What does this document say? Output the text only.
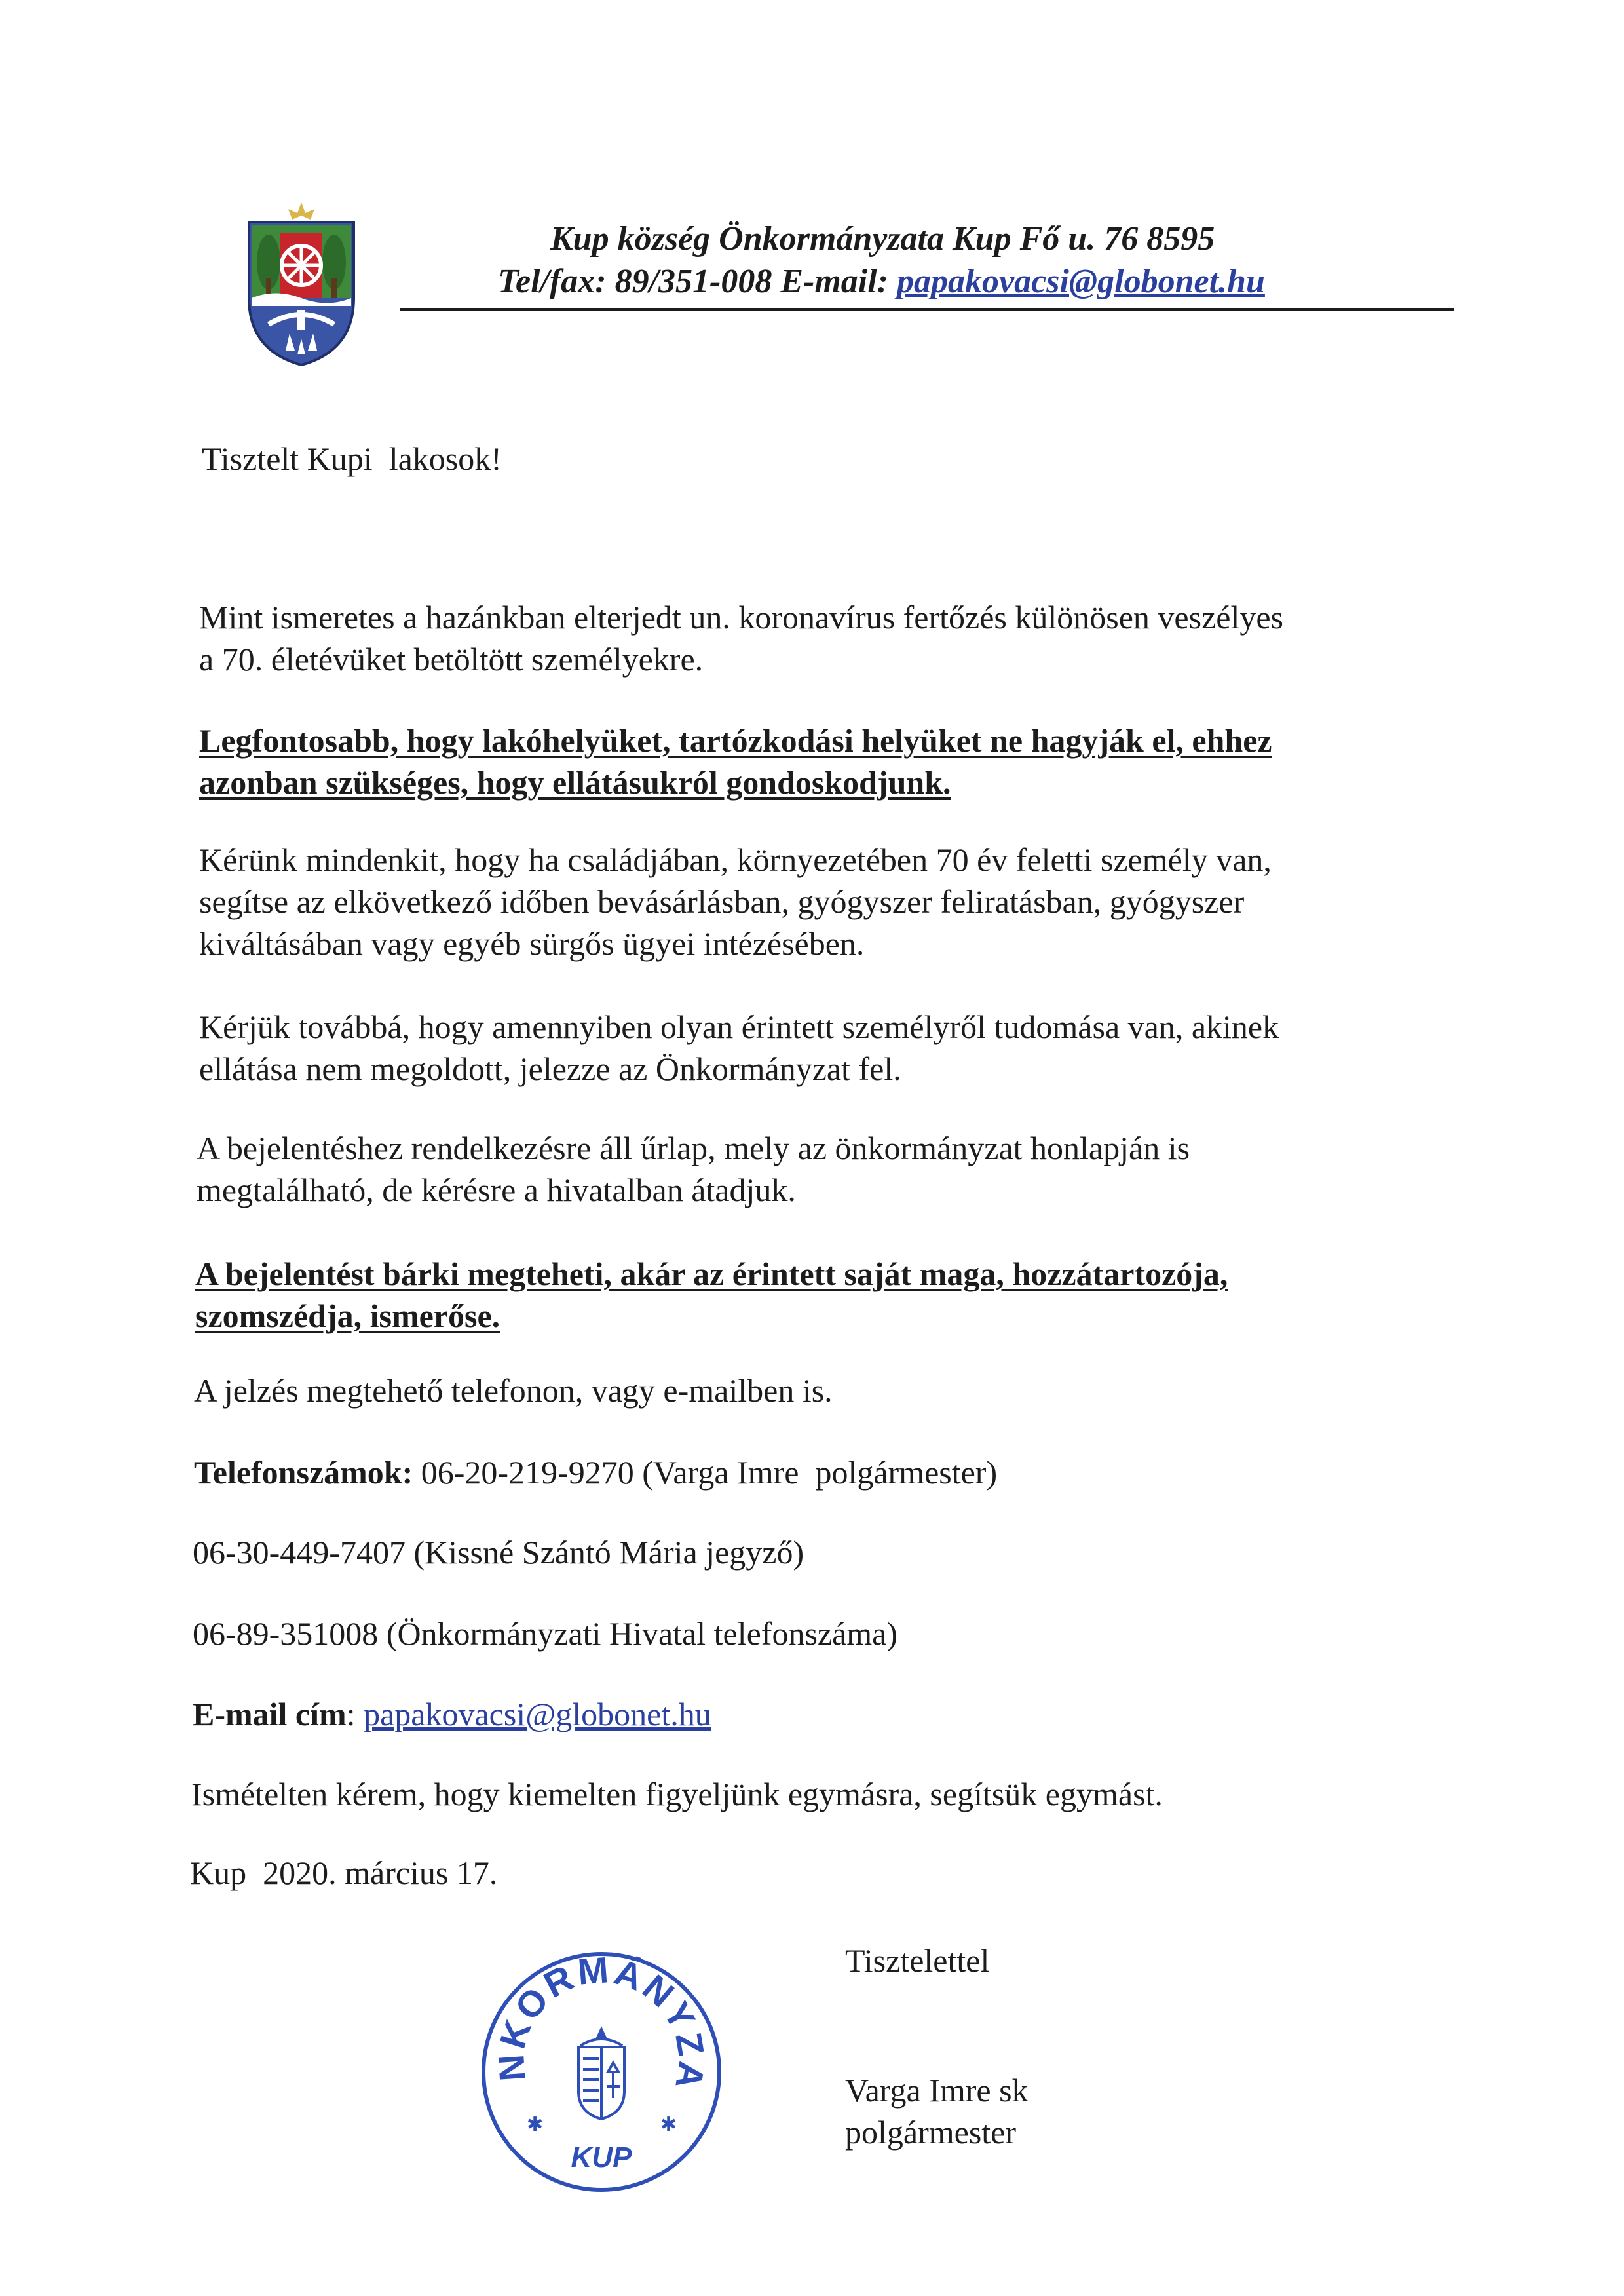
Kup község Önkormányzata Kup Fő u. 76 8595
Tel/fax: 89/351-008 E-mail: papakovacsi@globonet.hu
Tisztelt Kupi  lakosok!
Mint ismeretes a hazánkban elterjedt un. koronavírus fertőzés különösen veszélyes
a 70. életévüket betöltött személyekre.
Legfontosabb, hogy lakóhelyüket, tartózkodási helyüket ne hagyják el, ehhez
azonban szükséges, hogy ellátásukról gondoskodjunk.
Kérünk mindenkit, hogy ha családjában, környezetében 70 év feletti személy van,
segítse az elkövetkező időben bevásárlásban, gyógyszer feliratásban, gyógyszer
kiváltásában vagy egyéb sürgős ügyei intézésében.
Kérjük továbbá, hogy amennyiben olyan érintett személyről tudomása van, akinek
ellátása nem megoldott, jelezze az Önkormányzat fel.
A bejelentéshez rendelkezésre áll űrlap, mely az önkormányzat honlapján is
megtalálható, de kérésre a hivatalban átadjuk.
A bejelentést bárki megteheti, akár az érintett saját maga, hozzátartozója,
szomszédja, ismerőse.
A jelzés megtehető telefonon, vagy e-mailben is.
Telefonszámok: 06-20-219-9270 (Varga Imre  polgármester)
06-30-449-7407 (Kissné Szántó Mária jegyző)
06-89-351008 (Önkormányzati Hivatal telefonszáma)
E-mail cím: papakovacsi@globonet.hu
Ismételten kérem, hogy kiemelten figyeljünk egymásra, segítsük egymást.
Kup  2020. március 17.
Tisztelettel
Varga Imre sk
polgármester
NKORMÁNYZA
✱	✱
KUP
